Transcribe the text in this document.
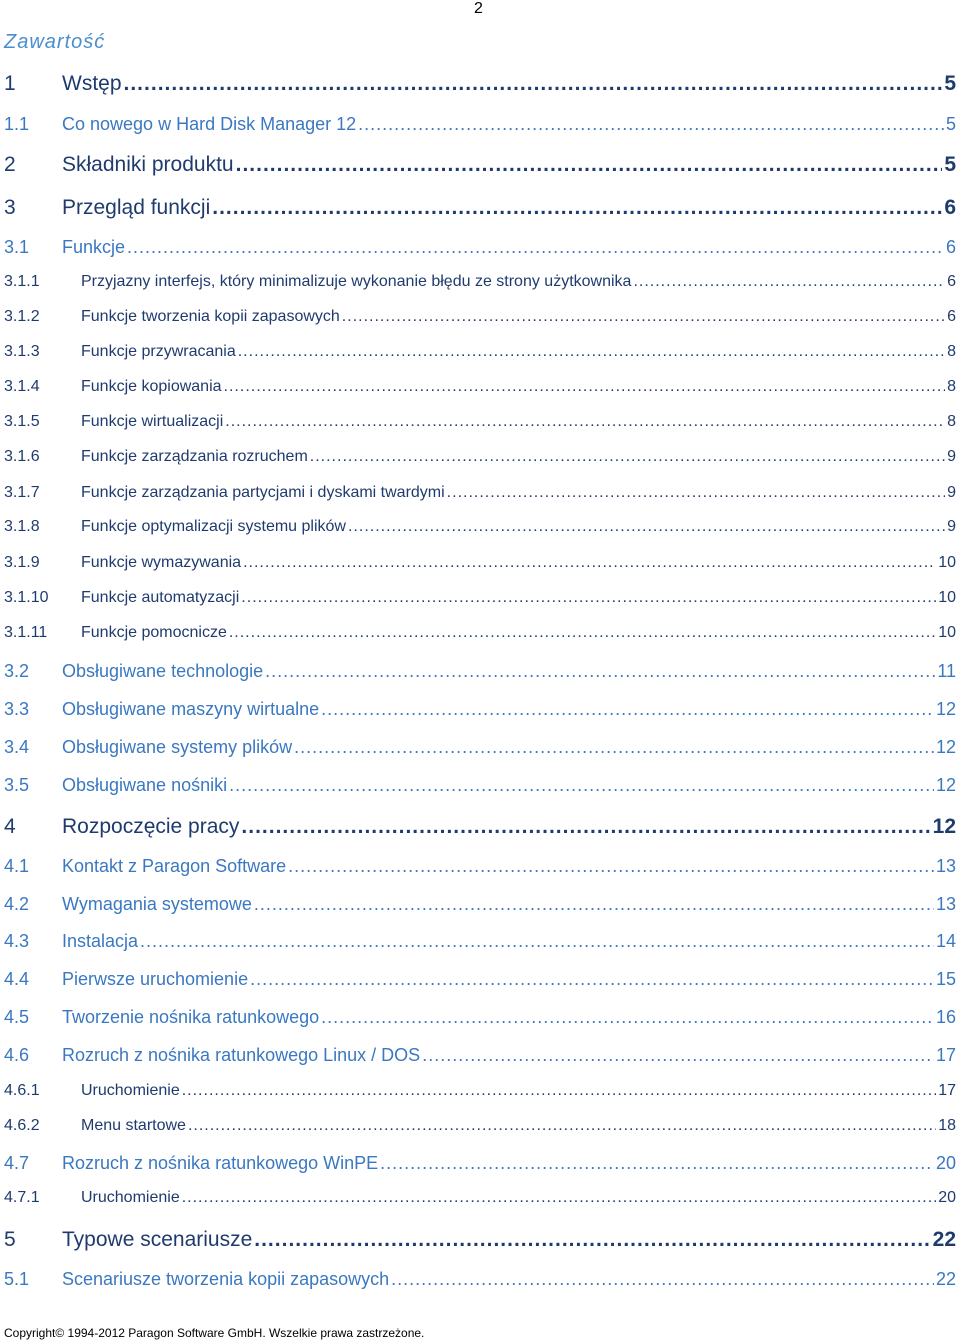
2
Zawartość
1	Wstęp .....	5
1.1	Co nowego w Hard Disk Manager 12 .....	5
2	Składniki produktu .....	5
3	Przegląd funkcji .....	6
3.1	Funkcje .....	6
3.1.1	Przyjazny interfejs, który minimalizuje wykonanie błędu ze strony użytkownika .....	6
3.1.2	Funkcje tworzenia kopii zapasowych .....	6
3.1.3	Funkcje przywracania .....	8
3.1.4	Funkcje kopiowania .....	8
3.1.5	Funkcje wirtualizacji .....	8
3.1.6	Funkcje zarządzania rozruchem .....	9
3.1.7	Funkcje zarządzania partycjami i dyskami twardymi .....	9
3.1.8	Funkcje optymalizacji systemu plików .....	9
3.1.9	Funkcje wymazywania .....	10
3.1.10	Funkcje automatyzacji .....	10
3.1.11	Funkcje pomocnicze .....	10
3.2	Obsługiwane technologie .....	11
3.3	Obsługiwane maszyny wirtualne .....	12
3.4	Obsługiwane systemy plików .....	12
3.5	Obsługiwane nośniki .....	12
4	Rozpoczęcie pracy .....	12
4.1	Kontakt z Paragon Software .....	13
4.2	Wymagania systemowe .....	13
4.3	Instalacja .....	14
4.4	Pierwsze uruchomienie .....	15
4.5	Tworzenie nośnika ratunkowego .....	16
4.6	Rozruch z nośnika ratunkowego Linux / DOS .....	17
4.6.1	Uruchomienie .....	17
4.6.2	Menu startowe .....	18
4.7	Rozruch z nośnika ratunkowego WinPE .....	20
4.7.1	Uruchomienie .....	20
5	Typowe scenariusze .....	22
5.1	Scenariusze tworzenia kopii zapasowych .....	22
Copyright© 1994-2012 Paragon Software GmbH. Wszelkie prawa zastrzeżone.
